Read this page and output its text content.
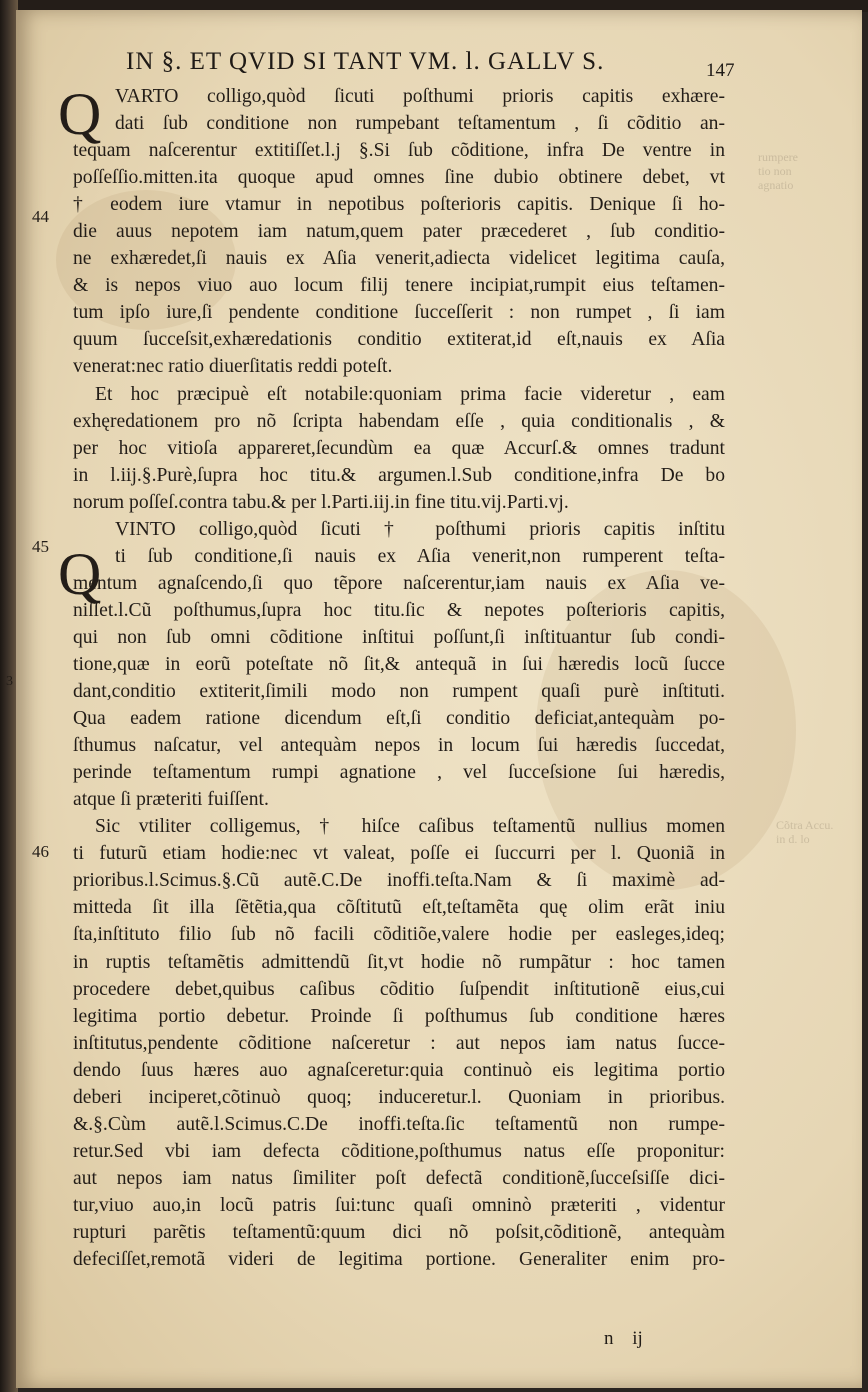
rumpere
tio non
agnatio
Cõtra Accu.
in d. lo
IN §. ET QVID SI TANT VM. l. GALLV S.	147
Q
Q
44
45
46
3
VARTO colligo,quòd ſicuti poſthumi prioris capitis exhære-
dati ſub conditione non rumpebant teſtamentum , ſi cõditio an-
tequam naſcerentur extitiſſet.l.j §.Si ſub cõditione, infra De ventre in
poſſeſſio.mitten.ita quoque apud omnes ſine dubio obtinere debet, vt
† eodem iure vtamur in nepotibus poſterioris capitis. Denique ſi ho-
die auus nepotem iam natum,quem pater præcederet , ſub conditio-
ne exhæredet,ſi nauis ex Aſia venerit,adiecta videlicet legitima cauſa,
& is nepos viuo auo locum filij tenere incipiat,rumpit eius teſtamen-
tum ipſo iure,ſi pendente conditione ſucceſſerit : non rumpet , ſi iam
quum ſucceſsit,exhæredationis conditio extiterat,id eſt,nauis ex Aſia
venerat:nec ratio diuerſitatis reddi poteſt.
Et hoc præcipuè eſt notabile:quoniam prima facie videretur , eam
exhęredationem pro nõ ſcripta habendam eſſe , quia conditionalis , &
per hoc vitioſa appareret,ſecundùm ea quæ Accurſ.& omnes tradunt
in l.iij.§.Purè,ſupra hoc titu.& argumen.l.Sub conditione,infra De bo
norum poſſeſ.contra tabu.& per l.Parti.iij.in fine titu.vij.Parti.vj.
VINTO colligo,quòd ſicuti † poſthumi prioris capitis inſtitu
ti ſub conditione,ſi nauis ex Aſia venerit,non rumperent teſta-
mentum agnaſcendo,ſi quo tẽpore naſcerentur,iam nauis ex Aſia ve-
niſſet.l.Cũ poſthumus,ſupra hoc titu.ſic & nepotes poſterioris capitis,
qui non ſub omni cõditione inſtitui poſſunt,ſi inſtituantur ſub condi-
tione,quæ in eorũ poteſtate nõ ſit,& antequã in ſui hæredis locũ ſucce
dant,conditio extiterit,ſimili modo non rumpent quaſi purè inſtituti.
Qua eadem ratione dicendum eſt,ſi conditio deficiat,antequàm po-
ſthumus naſcatur, vel antequàm nepos in locum ſui hæredis ſuccedat,
perinde teſtamentum rumpi agnatione , vel ſucceſsione ſui hæredis,
atque ſi præteriti fuiſſent.
Sic vtiliter colligemus, † hiſce caſibus teſtamentũ nullius momen
ti futurũ etiam hodie:nec vt valeat, poſſe ei ſuccurri per l. Quoniã in
prioribus.l.Scimus.§.Cũ autẽ.C.De inoffi.teſta.Nam & ſi maximè ad-
mitteda ſit illa ſẽtẽtia,qua cõſtitutũ eſt,teſtamẽta quę olim erãt iniu
ſta,inſtituto filio ſub nõ facili cõditiõe,valere hodie per easleges,ideq;
in ruptis teſtamẽtis admittendũ ſit,vt hodie nõ rumpãtur : hoc tamen
procedere debet,quibus caſibus cõditio ſuſpendit inſtitutionẽ eius,cui
legitima portio debetur. Proinde ſi poſthumus ſub conditione hæres
inſtitutus,pendente cõditione naſceretur : aut nepos iam natus ſucce-
dendo ſuus hæres auo agnaſceretur:quia continuò eis legitima portio
deberi inciperet,cõtinuò quoq; induceretur.l. Quoniam in prioribus.
&.§.Cùm autẽ.l.Scimus.C.De inoffi.teſta.ſic teſtamentũ non rumpe-
retur.Sed vbi iam defecta cõditione,poſthumus natus eſſe proponitur:
aut nepos iam natus ſimiliter poſt defectã conditionẽ,ſucceſsiſſe dici-
tur,viuo auo,in locũ patris ſui:tunc quaſi omninò præteriti , videntur
rupturi parẽtis teſtamentũ:quum dici nõ poſsit,cõditionẽ, antequàm
defeciſſet,remotã videri de legitima portione. Generaliter enim pro-
n ij
